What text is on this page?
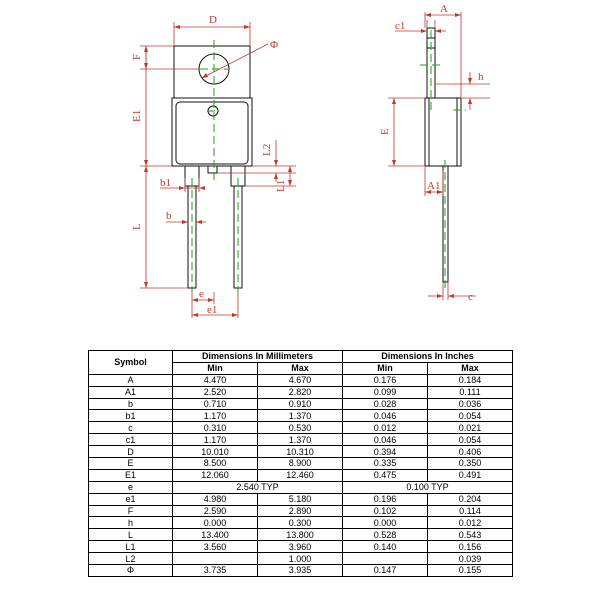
D
Φ
F
E1
L
L2
L1
b1
b
e
e1
c1
A
h
E
A1
c
Symbol	Dimensions In Millimeters		Dimensions In Inches	
	Min	Max	Min	Max
A	4.470	4.670	0.176	0.184
A1	2.520	2.820	0.099	0.111
b	0.710	0.910	0.028	0.036
b1	1.170	1.370	0.046	0.054
c	0.310	0.530	0.012	0.021
c1	1.170	1.370	0.046	0.054
D	10.010	10.310	0.394	0.406
E	8.500	8.900	0.335	0.350
E1	12.060	12.460	0.475	0.491
e	2.540 TYP		0.100 TYP	
e1	4.980	5.180	0.196	0.204
F	2.590	2.890	0.102	0.114
h	0.000	0.300	0.000	0.012
L	13.400	13.800	0.528	0.543
L1	3.560	3.960	0.140	0.156
L2		1.000		0.039
Φ	3.735	3.935	0.147	0.155
